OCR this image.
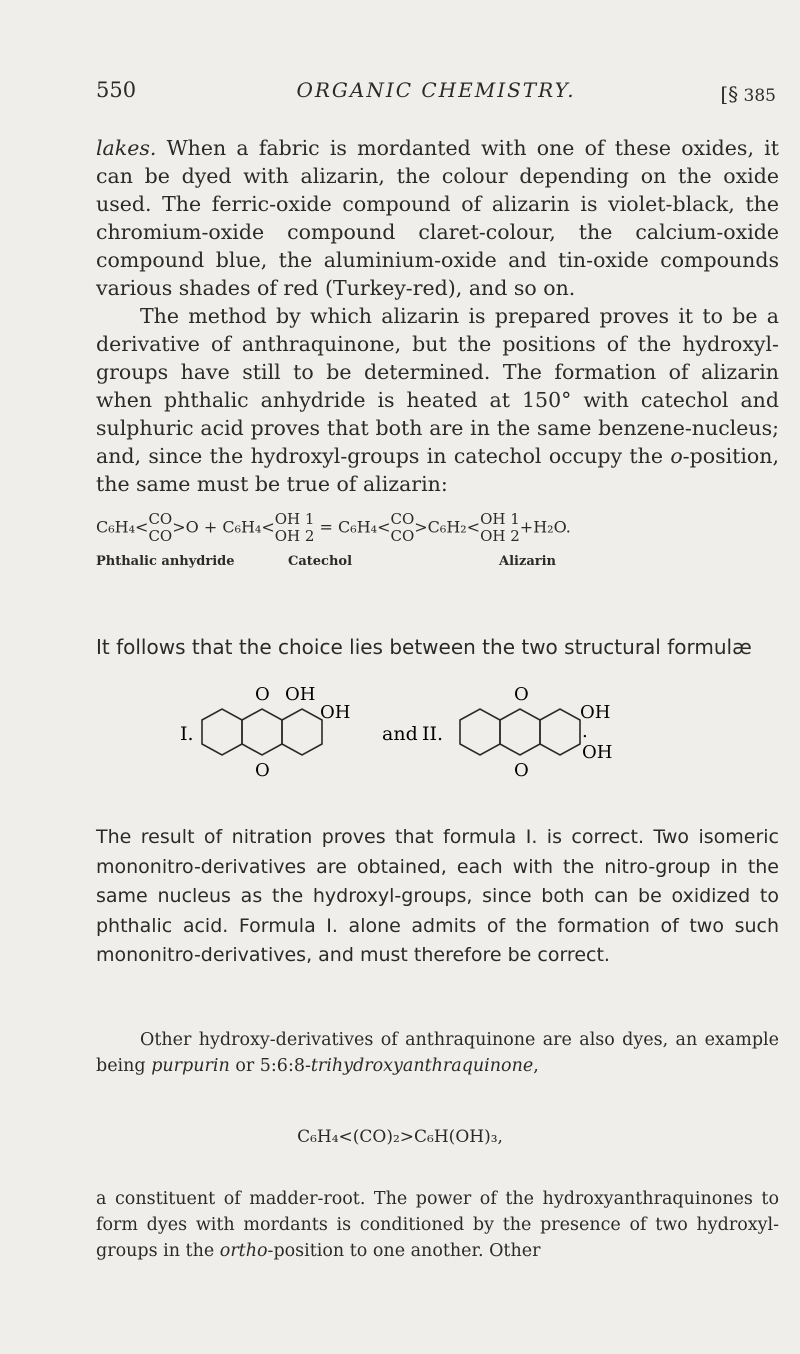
550	ORGANIC CHEMISTRY.	[§ 385
lakes. When a fabric is mordanted with one of these oxides, it can be dyed with alizarin, the colour depending on the oxide used. The ferric-oxide compound of alizarin is violet-black, the chromium-oxide compound claret-colour, the calcium-oxide compound blue, the aluminium-oxide and tin-oxide compounds various shades of red (Turkey-red), and so on.
The method by which alizarin is prepared proves it to be a derivative of anthraquinone, but the positions of the hydroxyl-groups have still to be determined. The formation of alizarin when phthalic anhydride is heated at 150° with catechol and sulphuric acid proves that both are in the same benzene-nucleus; and, since the hydroxyl-groups in catechol occupy the o-position, the same must be true of alizarin:
C₆H₄< CO
CO >O + C₆H₄< OH 1
OH 2 = C₆H₄< CO
CO >C₆H₂< OH 1
OH 2 +H₂O.
Phthalic anhydride	Catechol	Alizarin
It follows that the choice lies between the two structural formulæ
I.
O OH
OH
O
and II.
O
OH
.
OH
O
The result of nitration proves that formula I. is correct. Two isomeric mononitro-derivatives are obtained, each with the nitro-group in the same nucleus as the hydroxyl-groups, since both can be oxidized to phthalic acid. Formula I. alone admits of the formation of two such mononitro-derivatives, and must therefore be correct.
Other hydroxy-derivatives of anthraquinone are also dyes, an example being purpurin or 5:6:8-trihydroxyanthraquinone,
C₆H₄<(CO)₂>C₆H(OH)₃,
a constituent of madder-root. The power of the hydroxyanthraquinones to form dyes with mordants is conditioned by the presence of two hydroxyl-groups in the ortho-position to one another. Other
